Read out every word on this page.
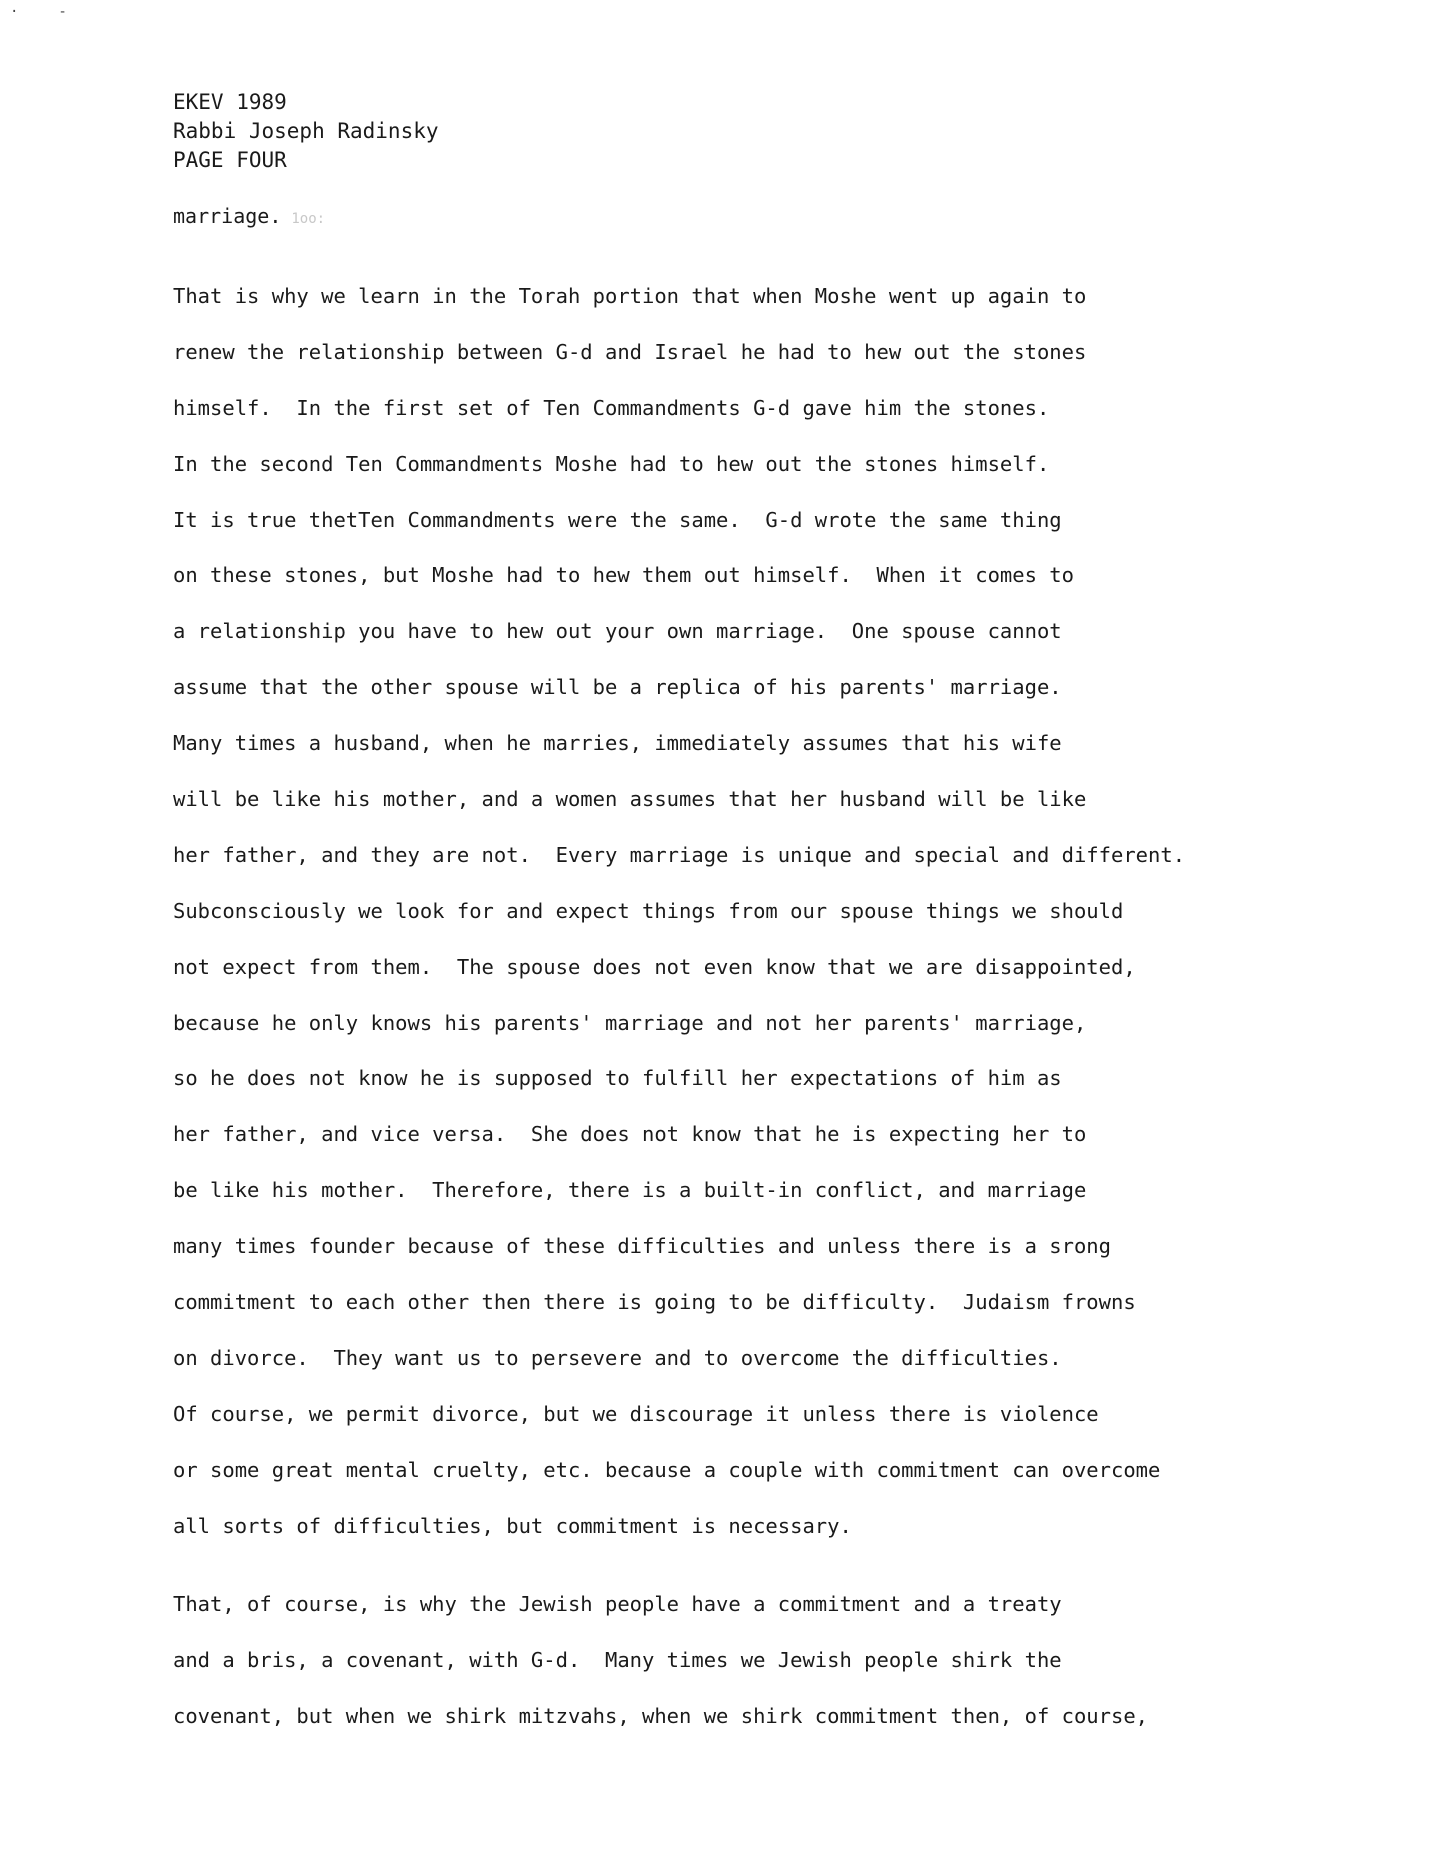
·‐
EKEV 1989
Rabbi Joseph Radinsky
PAGE FOUR
marriage. 1oo:
That is why we learn in the Torah portion that when Moshe went up again to
renew the relationship between G-d and Israel he had to hew out the stones
himself.  In the first set of Ten Commandments G-d gave him the stones.
In the second Ten Commandments Moshe had to hew out the stones himself.
It is true thetTen Commandments were the same.  G-d wrote the same thing
on these stones, but Moshe had to hew them out himself.  When it comes to
a relationship you have to hew out your own marriage.  One spouse cannot
assume that the other spouse will be a replica of his parents' marriage.
Many times a husband, when he marries, immediately assumes that his wife
will be like his mother, and a women assumes that her husband will be like
her father, and they are not.  Every marriage is unique and special and different.
Subconsciously we look for and expect things from our spouse things we should
not expect from them.  The spouse does not even know that we are disappointed,
because he only knows his parents' marriage and not her parents' marriage,
so he does not know he is supposed to fulfill her expectations of him as
her father, and vice versa.  She does not know that he is expecting her to
be like his mother.  Therefore, there is a built-in conflict, and marriage
many times founder because of these difficulties and unless there is a srong
commitment to each other then there is going to be difficulty.  Judaism frowns
on divorce.  They want us to persevere and to overcome the difficulties.
Of course, we permit divorce, but we discourage it unless there is violence
or some great mental cruelty, etc. because a couple with commitment can overcome
all sorts of difficulties, but commitment is necessary.
That, of course, is why the Jewish people have a commitment and a treaty
and a bris, a covenant, with G-d.  Many times we Jewish people shirk the
covenant, but when we shirk mitzvahs, when we shirk commitment then, of course,
